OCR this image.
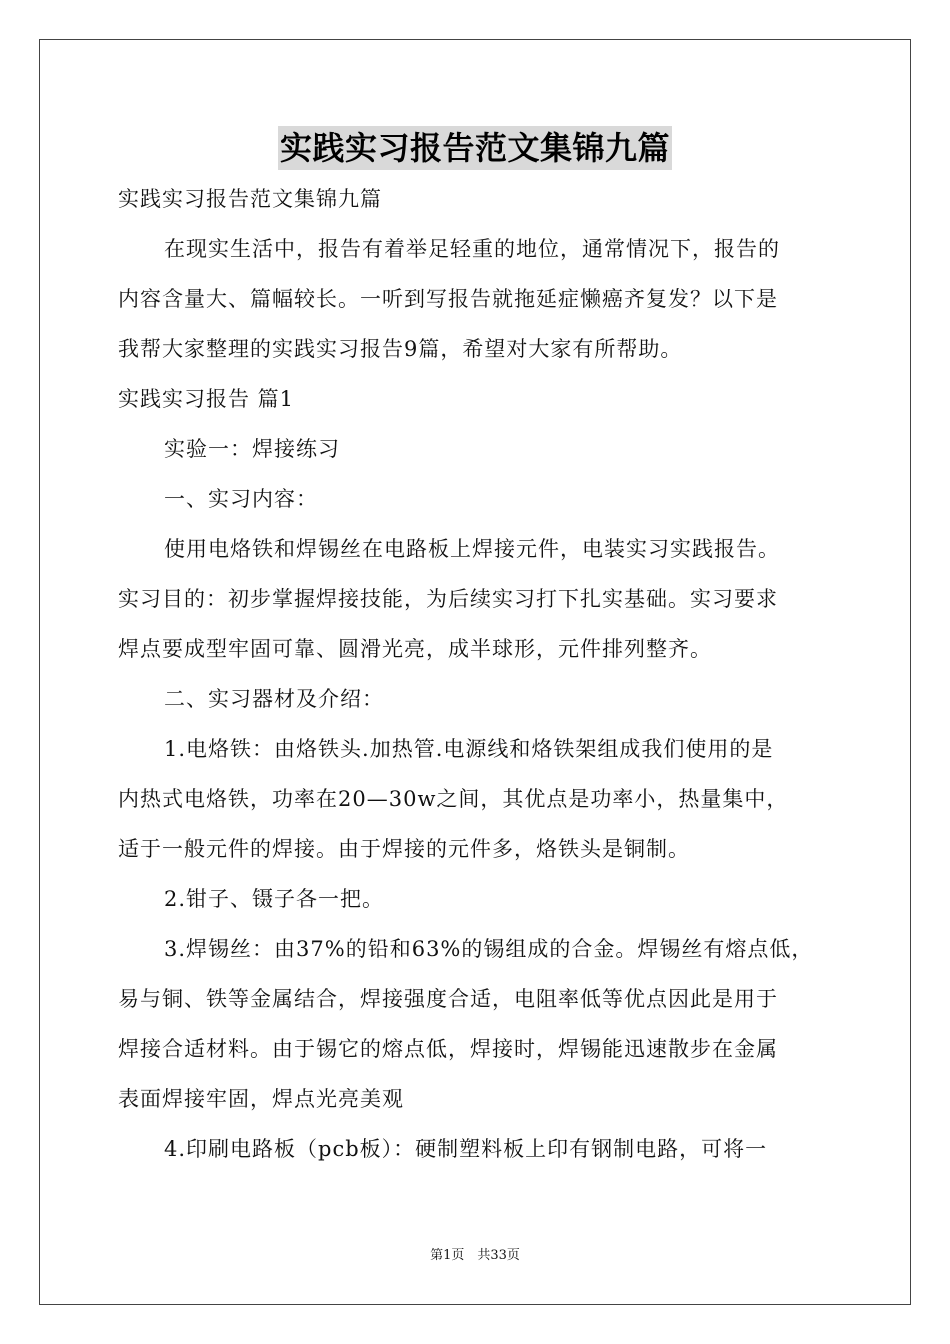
实践实习报告范文集锦九篇
实践实习报告范文集锦九篇
在现实生活中，报告有着举足轻重的地位，通常情况下，报告的
内容含量大、篇幅较长。一听到写报告就拖延症懒癌齐复发？以下是
我帮大家整理的实践实习报告9篇，希望对大家有所帮助。
实践实习报告 篇1
实验一：焊接练习
一、实习内容：
使用电烙铁和焊锡丝在电路板上焊接元件，电装实习实践报告。
实习目的：初步掌握焊接技能，为后续实习打下扎实基础。实习要求
焊点要成型牢固可靠、圆滑光亮，成半球形，元件排列整齐。
二、实习器材及介绍：
1.电烙铁：由烙铁头.加热管.电源线和烙铁架组成我们使用的是
内热式电烙铁，功率在20—30w之间，其优点是功率小，热量集中，
适于一般元件的焊接。由于焊接的元件多，烙铁头是铜制。
2.钳子、镊子各一把。
3.焊锡丝：由37%的铅和63%的锡组成的合金。焊锡丝有熔点低，
易与铜、铁等金属结合，焊接强度合适，电阻率低等优点因此是用于
焊接合适材料。由于锡它的熔点低，焊接时，焊锡能迅速散步在金属
表面焊接牢固，焊点光亮美观
4.印刷电路板（pcb板）：硬制塑料板上印有钢制电路，可将一
第1页　共33页
